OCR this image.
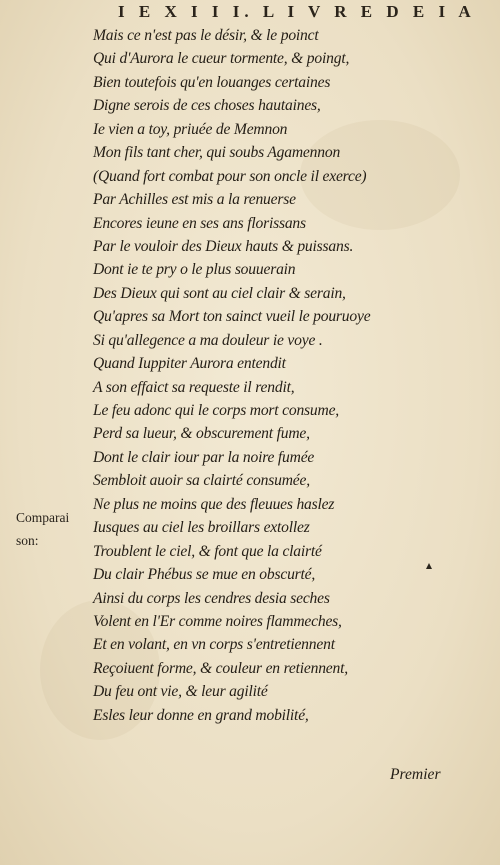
I E X I I I. L I V R E D E I A
Mais ce n'est pas le désir, & le poinct
Qui d'Aurora le cueur tormente, & poingt,
Bien toutefois qu'en louanges certaines
Digne serois de ces choses hautaines,
Ie vien a toy, priuée de Memnon
Mon fils tant cher, qui soubs Agamennon
(Quand fort combat pour son oncle il exerce)
Par Achilles est mis a la renuerse
Encores ieune en ses ans florissans
Par le vouloir des Dieux hauts & puissans.
Dont ie te pry o le plus souuerain
Des Dieux qui sont au ciel clair & serain,
Qu'apres sa Mort ton sainct vueil le pouruoye
Si qu'allegence a ma douleur ie voye .
Quand Iuppiter Aurora entendit
A son effaict sa requeste il rendit,
Le feu adonc qui le corps mort consume,
Perd sa lueur, & obscurement fume,
Dont le clair iour par la noire fumée
Sembloit auoir sa clairté consumée,
Ne plus ne moins que des fleuues haslez
Iusques au ciel les broillars extollez
Troublent le ciel, & font que la clairté
Du clair Phébus se mue en obscurté,
Ainsi du corps les cendres desia seches
Volent en l'Er comme noires flammeches,
Et en volant, en vn corps s'entretiennent
Reçoiuent forme, & couleur en retiennent,
Du feu ont vie, & leur agilité
Esles leur donne en grand mobilité,
Comparai
son:
Premier
